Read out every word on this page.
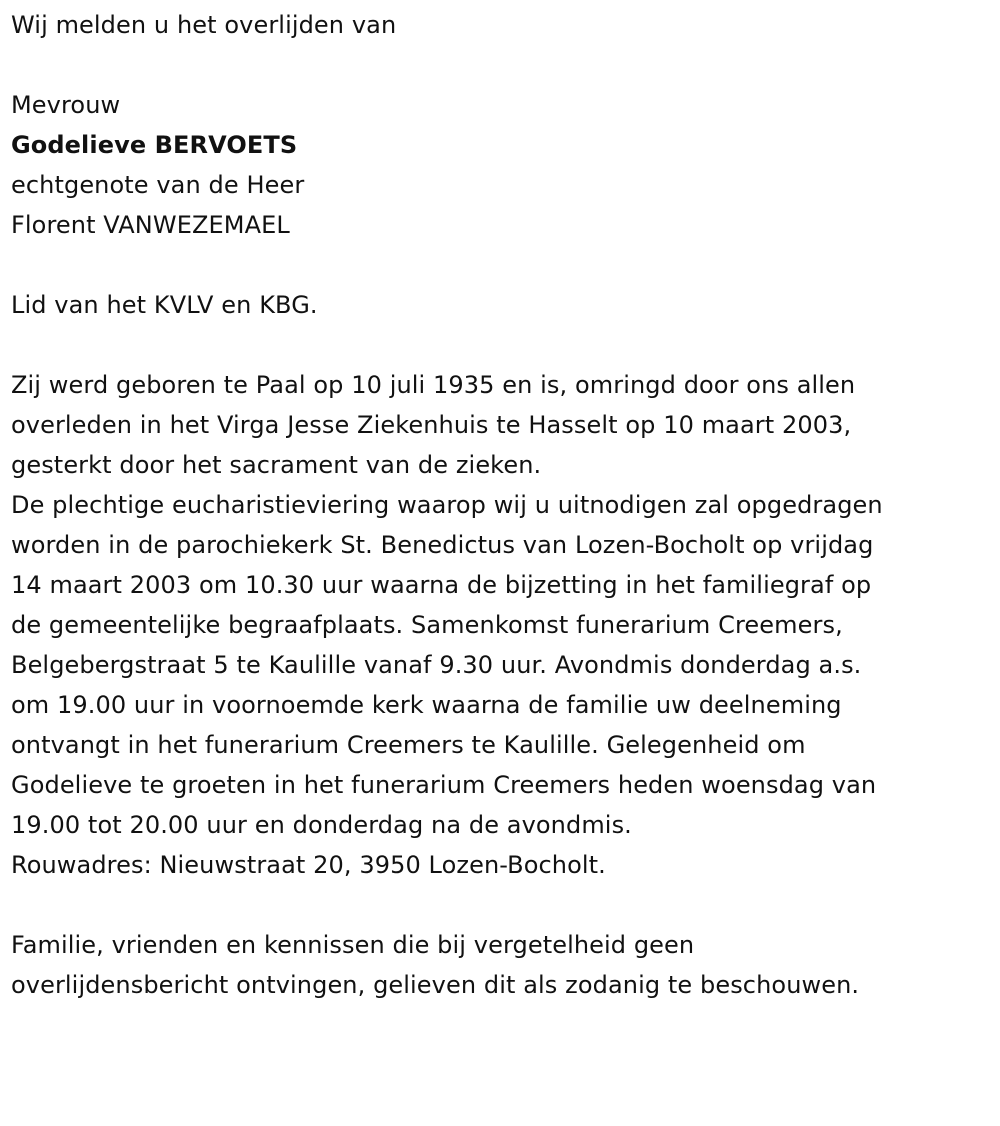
Wij melden u het overlijden van
Mevrouw
Godelieve BERVOETS
echtgenote van de Heer
Florent VANWEZEMAEL
Lid van het KVLV en KBG.
Zij werd geboren te Paal op 10 juli 1935 en is, omringd door ons allen
overleden in het Virga Jesse Ziekenhuis te Hasselt op 10 maart 2003,
gesterkt door het sacrament van de zieken.
De plechtige eucharistieviering waarop wij u uitnodigen zal opgedragen
worden in de parochiekerk St. Benedictus van Lozen-Bocholt op vrijdag
14 maart 2003 om 10.30 uur waarna de bijzetting in het familiegraf op
de gemeentelijke begraafplaats. Samenkomst funerarium Creemers,
Belgebergstraat 5 te Kaulille vanaf 9.30 uur. Avondmis donderdag a.s.
om 19.00 uur in voornoemde kerk waarna de familie uw deelneming
ontvangt in het funerarium Creemers te Kaulille. Gelegenheid om
Godelieve te groeten in het funerarium Creemers heden woensdag van
19.00 tot 20.00 uur en donderdag na de avondmis.
Rouwadres: Nieuwstraat 20, 3950 Lozen-Bocholt.
Familie, vrienden en kennissen die bij vergetelheid geen
overlijdensbericht ontvingen, gelieven dit als zodanig te beschouwen.
